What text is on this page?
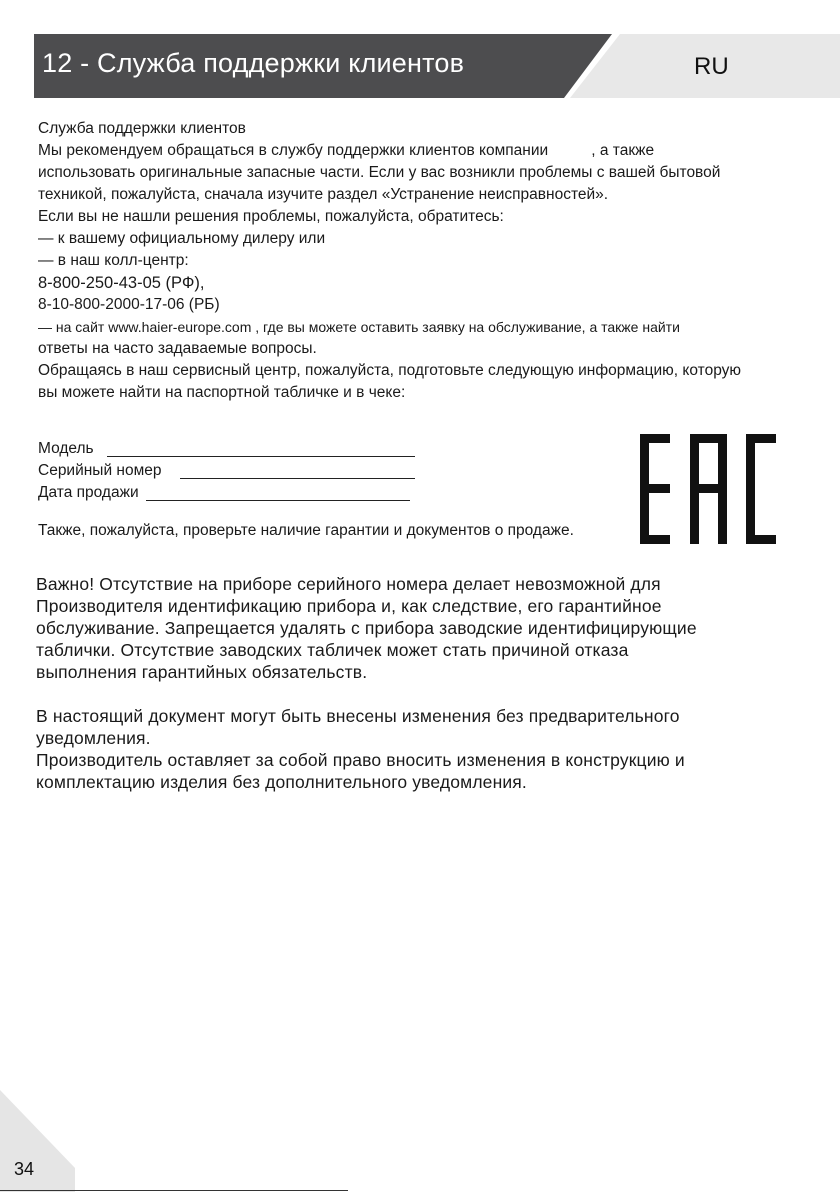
12 - Служба поддержки клиентов	RU
Служба поддержки клиентов
Мы рекомендуем обращаться в службу поддержки клиентов компании          , а также
использовать оригинальные запасные части. Если у вас возникли проблемы с вашей бытовой
техникой, пожалуйста, сначала изучите раздел «Устранение неисправностей».
Если вы не нашли решения проблемы, пожалуйста, обратитесь:
— к вашему официальному дилеру или
— в наш колл-центр:
8-800-250-43-05 (РФ),
8-10-800-2000-17-06 (РБ)
— на сайт www.haier-europe.com , где вы можете оставить заявку на обслуживание, а также найти
ответы на часто задаваемые вопросы.
Обращаясь в наш сервисный центр, пожалуйста, подготовьте следующую информацию, которую
вы можете найти на паспортной табличке и в чеке:
Модель
Серийный номер
Дата продажи
Также, пожалуйста, проверьте наличие гарантии и документов о продаже.
Важно! Отсутствие на приборе серийного номера делает невозможной для
Производителя идентификацию прибора и, как следствие, его гарантийное
обслуживание. Запрещается удалять с прибора заводские идентифицирующие
таблички. Отсутствие заводских табличек может стать причиной отказа
выполнения гарантийных обязательств.
В настоящий документ могут быть внесены изменения без предварительного
уведомления.
Производитель оставляет за собой право вносить изменения в конструкцию и
комплектацию изделия без дополнительного уведомления.
34
